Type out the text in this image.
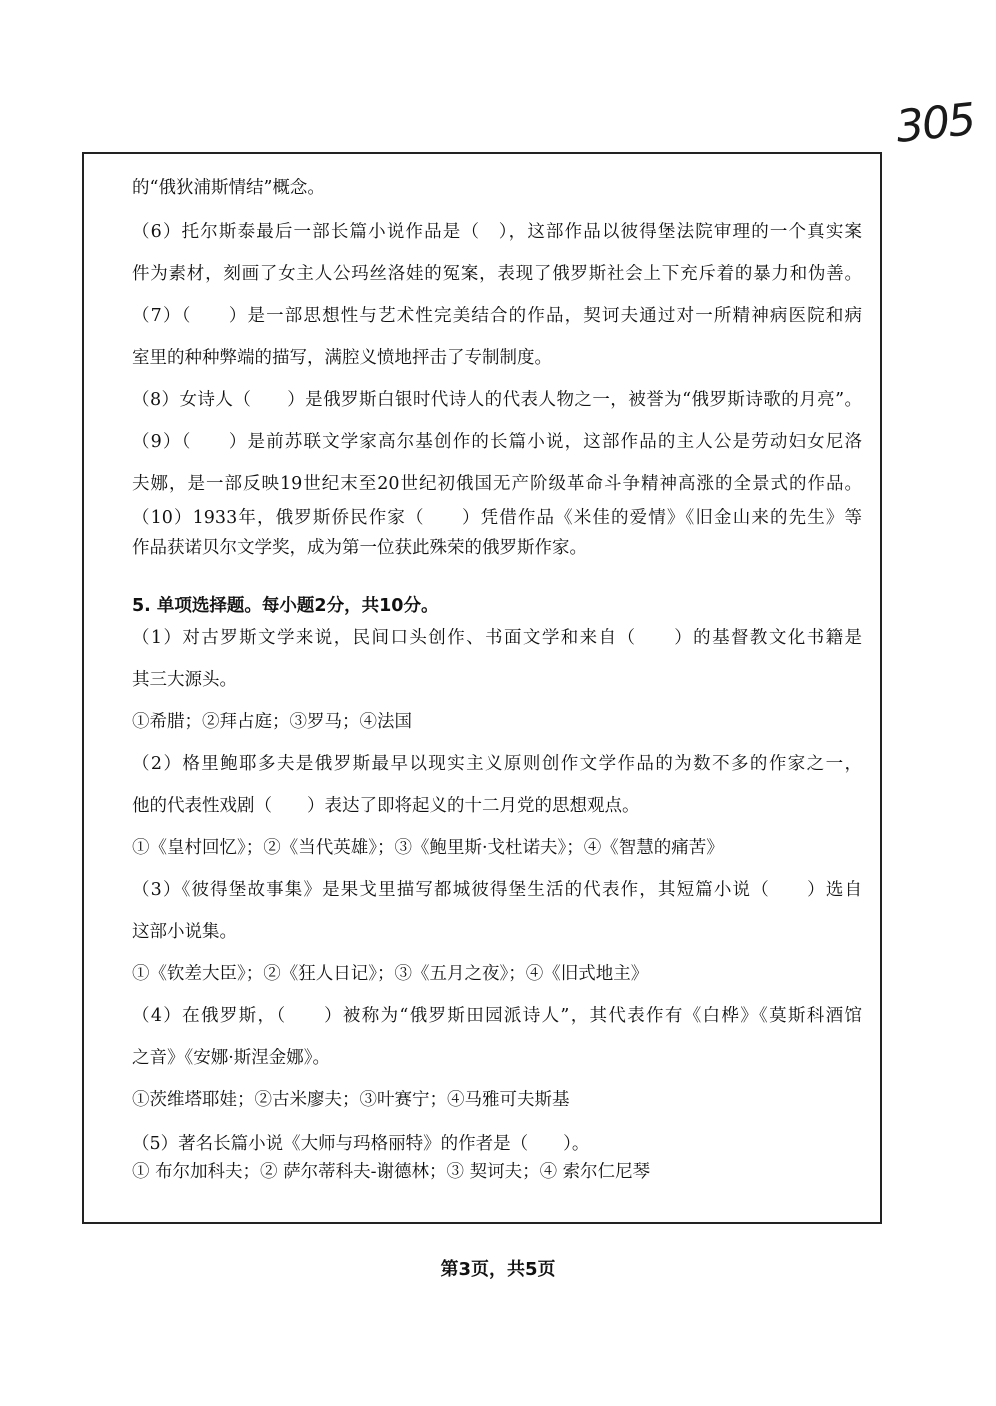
305
的“俄狄浦斯情结”概念。
（6）托尔斯泰最后一部长篇小说作品是（　），这部作品以彼得堡法院审理的一个真实案
件为素材，刻画了女主人公玛丝洛娃的冤案，表现了俄罗斯社会上下充斥着的暴力和伪善。
（7）（　　）是一部思想性与艺术性完美结合的作品，契诃夫通过对一所精神病医院和病
室里的种种弊端的描写，满腔义愤地抨击了专制制度。
（8）女诗人（　　）是俄罗斯白银时代诗人的代表人物之一，被誉为“俄罗斯诗歌的月亮”。
（9）（　　）是前苏联文学家高尔基创作的长篇小说，这部作品的主人公是劳动妇女尼洛
夫娜，是一部反映19世纪末至20世纪初俄国无产阶级革命斗争精神高涨的全景式的作品。
（10）1933年，俄罗斯侨民作家（　　）凭借作品《米佳的爱情》《旧金山来的先生》等
作品获诺贝尔文学奖，成为第一位获此殊荣的俄罗斯作家。
5. 单项选择题。每小题2分，共10分。
（1）对古罗斯文学来说，民间口头创作、书面文学和来自（　　）的基督教文化书籍是
其三大源头。
①希腊；②拜占庭；③罗马；④法国
（2）格里鲍耶多夫是俄罗斯最早以现实主义原则创作文学作品的为数不多的作家之一，
他的代表性戏剧（　　）表达了即将起义的十二月党的思想观点。
①《皇村回忆》；②《当代英雄》；③《鲍里斯·戈杜诺夫》；④《智慧的痛苦》
（3）《彼得堡故事集》是果戈里描写都城彼得堡生活的代表作，其短篇小说（　　）选自
这部小说集。
①《钦差大臣》；②《狂人日记》；③《五月之夜》；④《旧式地主》
（4）在俄罗斯，（　　）被称为“俄罗斯田园派诗人”，其代表作有《白桦》《莫斯科酒馆
之音》《安娜·斯涅金娜》。
①茨维塔耶娃；②古米廖夫；③叶赛宁；④马雅可夫斯基
（5）著名长篇小说《大师与玛格丽特》的作者是（　　）。
① 布尔加科夫；② 萨尔蒂科夫-谢德林；③ 契诃夫；④ 索尔仁尼琴
第3页，共5页
